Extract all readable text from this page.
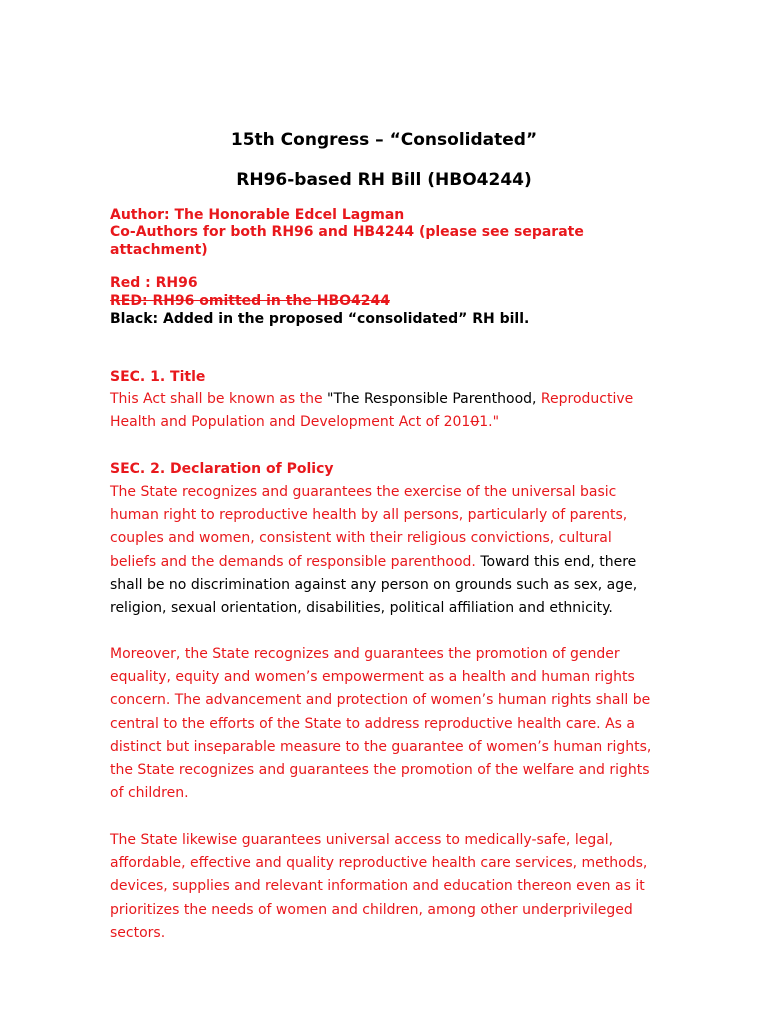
15th Congress – “Consolidated”
RH96-based RH Bill (HBO4244)
Author: The Honorable Edcel Lagman
Co-Authors for both RH96 and HB4244 (please see separate
attachment)
Red : RH96
RED: RH96 omitted in the HBO4244
Black: Added in the proposed “consolidated” RH bill.
SEC. 1. Title
This Act shall be known as the "The Responsible Parenthood, Reproductive Health and Population and Development Act of 20101."
SEC. 2. Declaration of Policy
The State recognizes and guarantees the exercise of the universal basic human right to reproductive health by all persons, particularly of parents, couples and women, consistent with their religious convictions, cultural beliefs and the demands of responsible parenthood. Toward this end, there shall be no discrimination against any person on grounds such as sex, age, religion, sexual orientation, disabilities, political affiliation and ethnicity.
Moreover, the State recognizes and guarantees the promotion of gender equality, equity and women’s empowerment as a health and human rights concern. The advancement and protection of women’s human rights shall be central to the efforts of the State to address reproductive health care. As a distinct but inseparable measure to the guarantee of women’s human rights, the State recognizes and guarantees the promotion of the welfare and rights of children.
The State likewise guarantees universal access to medically-safe, legal, affordable, effective and quality reproductive health care services, methods, devices, supplies and relevant information and education thereon even as it prioritizes the needs of women and children, among other underprivileged sectors.
